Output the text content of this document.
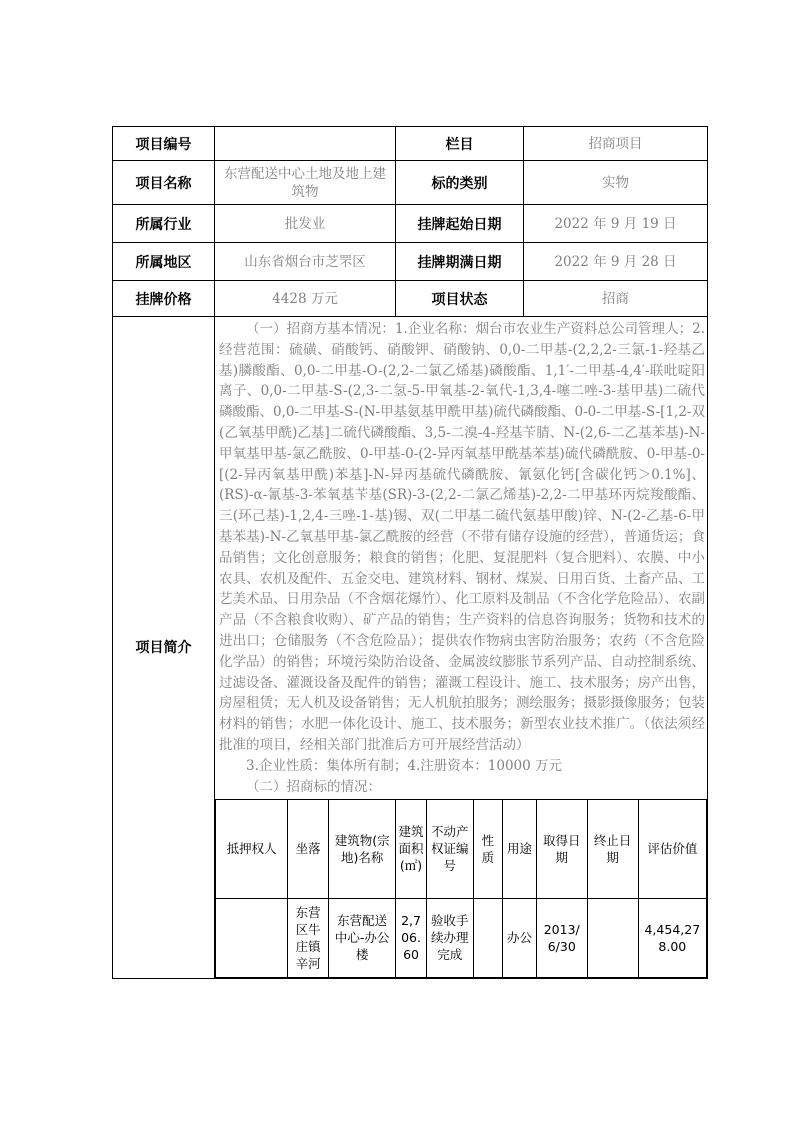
项目编号		栏目	招商项目
项目名称	东营配送中心土地及地上建筑物	标的类别	实物
所属行业	批发业	挂牌起始日期	2022 年 9 月 19 日
所属地区	山东省烟台市芝罘区	挂牌期满日期	2022 年 9 月 28 日
挂牌价格	4428 万元	项目状态	招商
项目简介	

（一）招商方基本情况：1.企业名称：烟台市农业生产资料总公司管理人；2.经营范围：硫磺、硝酸钙、硝酸钾、硝酸钠、0,0-二甲基-(2,2,2-三氯-1-羟基乙基)膦酸酯、0,0-二甲基-O-(2,2-二氯乙烯基)磷酸酯、1,1′-二甲基-4,4′-联吡啶阳离子、0,0-二甲基-S-(2,3-二氢-5-甲氧基-2-氧代-1,3,4-噻二唑-3-基甲基)二硫代磷酸酯、0,0-二甲基-S-(N-甲基氨基甲酰甲基)硫代磷酸酯、0-0-二甲基-S-[1,2-双(乙氧基甲酰)乙基]二硫代磷酸酯、3,5-二溴-4-羟基苄腈、N-(2,6-二乙基苯基)-N-甲氧基甲基-氯乙酰胺、0-甲基-0-(2-异丙氧基甲酰基苯基)硫代磷酰胺、0-甲基-0-[(2-异丙氧基甲酰)苯基]-N-异丙基硫代磷酰胺、氰氨化钙[含碳化钙＞0.1%]、(RS)-α-氰基-3-苯氧基苄基(SR)-3-(2,2-二氯乙烯基)-2,2-二甲基环丙烷羧酸酯、三(环己基)-1,2,4-三唑-1-基)锡、双(二甲基二硫代氨基甲酸)锌、N-(2-乙基-6-甲基苯基)-N-乙氧基甲基-氯乙酰胺的经营（不带有储存设施的经营），普通货运；食品销售；文化创意服务；粮食的销售；化肥、复混肥料（复合肥料）、农膜、中小农具、农机及配件、五金交电、建筑材料、钢材、煤炭、日用百货、土畜产品、工艺美术品、日用杂品（不含烟花爆竹）、化工原料及制品（不含化学危险品）、农副产品（不含粮食收购）、矿产品的销售；生产资料的信息咨询服务；货物和技术的进出口；仓储服务（不含危险品）；提供农作物病虫害防治服务；农药（不含危险化学品）的销售；环境污染防治设备、金属波纹膨胀节系列产品、自动控制系统、过滤设备、灌溉设备及配件的销售；灌溉工程设计、施工、技术服务；房产出售，房屋租赁；无人机及设备销售；无人机航拍服务；测绘服务；摄影摄像服务；包装材料的销售；水肥一体化设计、施工、技术服务；新型农业技术推广。（依法须经批准的项目，经相关部门批准后方可开展经营活动）

3.企业性质：集体所有制；4.注册资本：10000 万元

（二）招商标的情况：
抵押权人	坐落	建筑物(宗地)名称	建筑面积(㎡)	不动产权证编号	性质	用途	取得日期	终止日期	评估价值
	东营区牛庄镇辛河	东营配送中心-办公楼	2,706.60	验收手续办理完成		办公	2013/6/30		4,454,278.00
